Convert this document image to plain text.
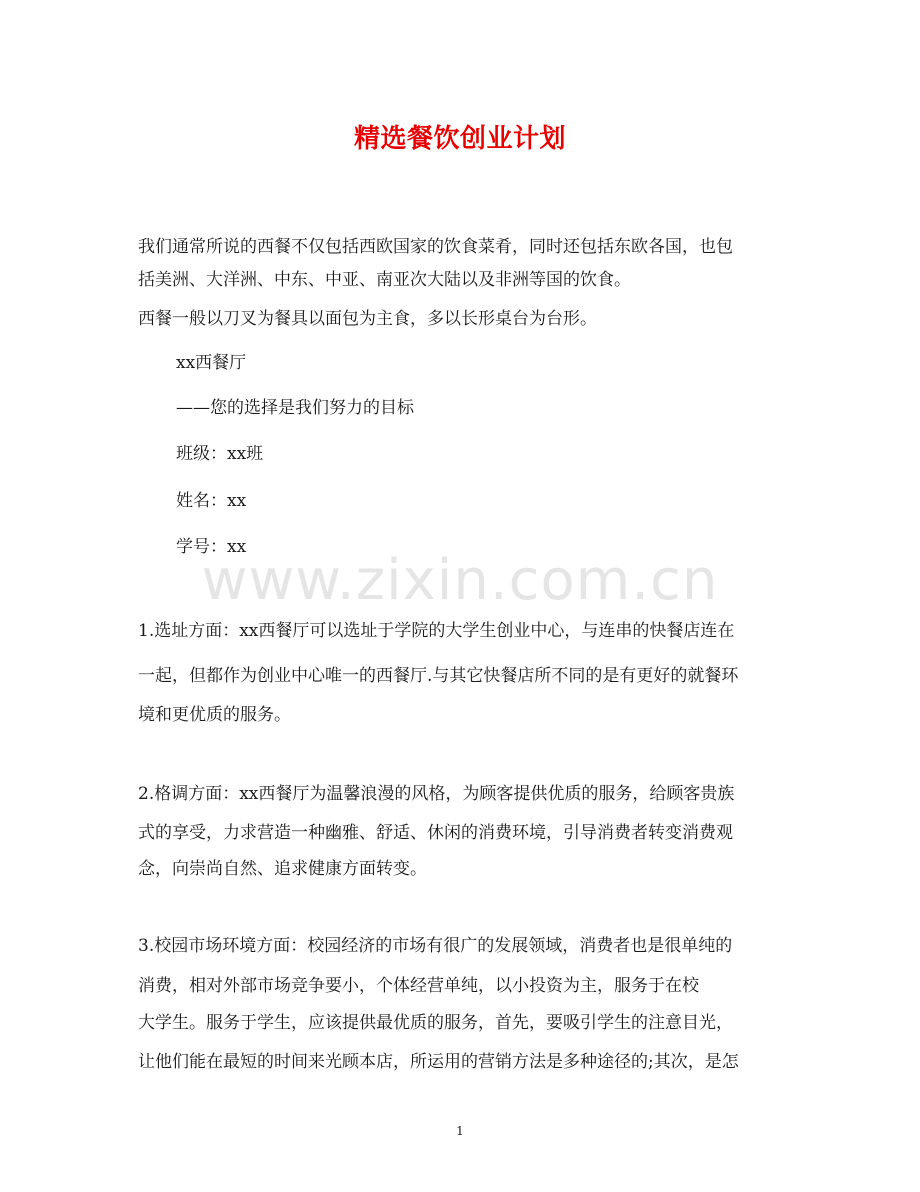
精选餐饮创业计划
我们通常所说的西餐不仅包括西欧国家的饮食菜肴，同时还包括东欧各国，也包
括美洲、大洋洲、中东、中亚、南亚次大陆以及非洲等国的饮食。
西餐一般以刀叉为餐具以面包为主食，多以长形桌台为台形。
xx西餐厅
——您的选择是我们努力的目标
班级：xx班
姓名：xx
学号：xx
1.选址方面：xx西餐厅可以选址于学院的大学生创业中心，与连串的快餐店连在
一起，但都作为创业中心唯一的西餐厅.与其它快餐店所不同的是有更好的就餐环
境和更优质的服务。
2.格调方面：xx西餐厅为温馨浪漫的风格，为顾客提供优质的服务，给顾客贵族
式的享受，力求营造一种幽雅、舒适、休闲的消费环境，引导消费者转变消费观
念，向崇尚自然、追求健康方面转变。
3.校园市场环境方面：校园经济的市场有很广的发展领域，消费者也是很单纯的
消费，相对外部市场竞争要小，个体经营单纯，以小投资为主，服务于在校
大学生。服务于学生，应该提供最优质的服务，首先，要吸引学生的注意目光，
让他们能在最短的时间来光顾本店，所运用的营销方法是多种途径的;其次，是怎
www.zixin.com.cn
1
